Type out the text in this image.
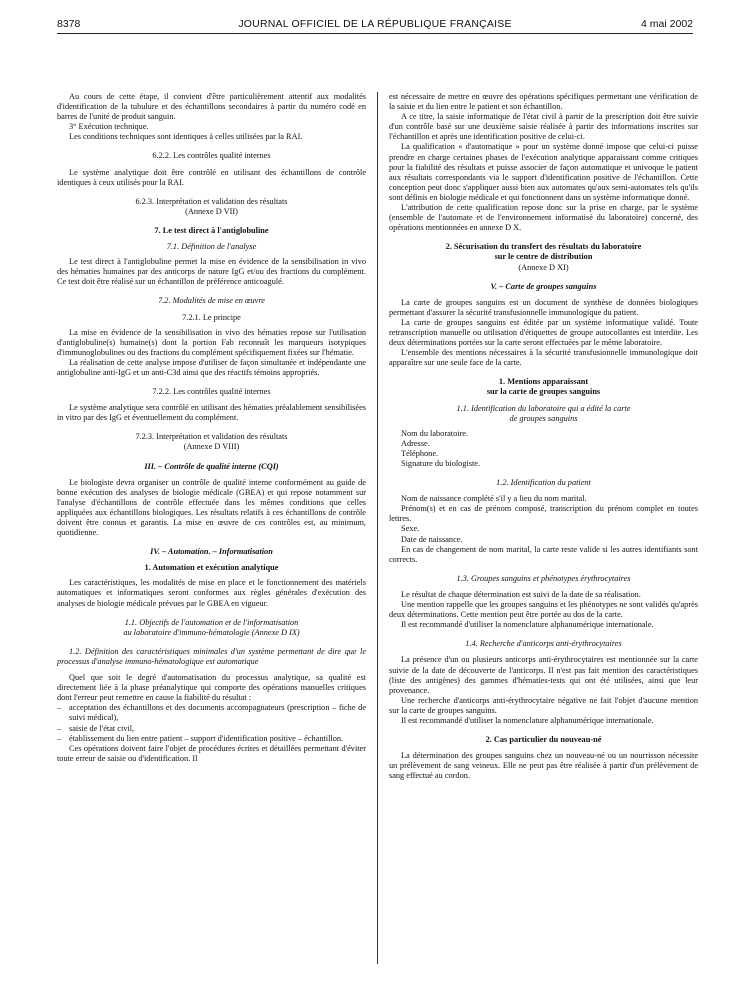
8378	JOURNAL OFFICIEL DE LA RÉPUBLIQUE FRANÇAISE	4 mai 2002

Au cours de cette étape, il convient d'être particulièrement attentif aux modalités d'identification de la tubulure et des échantillons secondaires à partir du numéro codé en barres de l'unité de produit sanguin.

3° Exécution technique.

Les conditions techniques sont identiques à celles utilisées par la RAI.

6.2.2. Les contrôles qualité internes

Le système analytique doit être contrôlé en utilisant des échantillons de contrôle identiques à ceux utilisés pour la RAI.

6.2.3. Interprétation et validation des résultats

(Annexe D VII)

7. Le test direct à l'antiglobuline

7.1. Définition de l'analyse

Le test direct à l'antiglobuline permet la mise en évidence de la sensibilisation in vivo des hématies humaines par des anticorps de nature IgG et/ou des fractions du complément. Ce test doit être réalisé sur un échantillon de préférence anticoagulé.

7.2. Modalités de mise en œuvre

7.2.1. Le principe

La mise en évidence de la sensibilisation in vivo des hématies repose sur l'utilisation d'antiglobuline(s) humaine(s) dont la portion Fab reconnaît les marqueurs isotypiques d'immunoglobulines ou des fractions du complément spécifiquement fixées sur l'hématie.

La réalisation de cette analyse impose d'utiliser de façon simultanée et indépendante une antiglobuline anti-IgG et un anti-C3d ainsi que des réactifs témoins appropriés.

7.2.2. Les contrôles qualité internes

Le système analytique sera contrôlé en utilisant des hématies préalablement sensibilisées in vitro par des IgG et éventuellement du complément.

7.2.3. Interprétation et validation des résultats

(Annexe D VIII)

III. – Contrôle de qualité interne (CQI)

Le biologiste devra organiser un contrôle de qualité interne conformément au guide de bonne exécution des analyses de biologie médicale (GBEA) et qui repose notamment sur l'analyse d'échantillons de contrôle effectuée dans les mêmes conditions que celles appliquées aux échantillons biologiques. Les résultats relatifs à ces échantillons de contrôle doivent être connus et garantis. La mise en œuvre de ces contrôles est, au minimum, quotidienne.

IV. – Automation. – Informatisation

1. Automation et exécution analytique

Les caractéristiques, les modalités de mise en place et le fonctionnement des matériels automatiques et informatiques seront conformes aux règles générales d'exécution des analyses de biologie médicale prévues par le GBEA en vigueur.

1.1. Objectifs de l'automation et de l'informatisation

au laboratoire d'immuno-hématologie (Annexe D IX)

1.2. Définition des caractéristiques minimales d'un système permettant de dire que le processus d'analyse immuno-hématologique est automatique

Quel que soit le degré d'automatisation du processus analytique, sa qualité est directement liée à la phase préanalytique qui comporte des opérations manuelles critiques dont l'erreur peut remettre en cause la fiabilité du résultat :

– acceptation des échantillons et des documents accompagnateurs (prescription – fiche de suivi médical),
– saisie de l'état civil,
– établissement du lien entre patient – support d'identification positive – échantillon.

Ces opérations doivent faire l'objet de procédures écrites et détaillées permettant d'éviter toute erreur de saisie ou d'identification. Il

est nécessaire de mettre en œuvre des opérations spécifiques permettant une vérification de la saisie et du lien entre le patient et son échantillon.

A ce titre, la saisie informatique de l'état civil à partir de la prescription doit être suivie d'un contrôle basé sur une deuxième saisie réalisée à partir des informations inscrites sur l'échantillon et après une identification positive de celui-ci.

La qualification « d'automatique » pour un système donné impose que celui-ci puisse prendre en charge certaines phases de l'exécution analytique apparaissant comme critiques pour la fiabilité des résultats et puisse associer de façon automatique et univoque le patient aux résultats correspondants via le support d'identification positive de l'échantillon. Cette conception peut donc s'appliquer aussi bien aux automates qu'aux semi-automates tels qu'ils sont définis en biologie médicale et qui fonctionnent dans un système informatique donné.

L'attribution de cette qualification repose donc sur la prise en charge, par le système (ensemble de l'automate et de l'environnement informatisé du laboratoire) concerné, des opérations mentionnées en annexe D X.

2. Sécurisation du transfert des résultats du laboratoire

sur le centre de distribution

(Annexe D XI)

V. – Carte de groupes sanguins

La carte de groupes sanguins est un document de synthèse de données biologiques permettant d'assurer la sécurité transfusionnelle immunologique du patient.

La carte de groupes sanguins est éditée par un système informatique validé. Toute retranscription manuelle ou utilisation d'étiquettes de groupe autocollantes est interdite. Les deux déterminations portées sur la carte seront effectuées par le même laboratoire.

L'ensemble des mentions nécessaires à la sécurité transfusionnelle immunologique doit apparaître sur une seule face de la carte.

1. Mentions apparaissant

sur la carte de groupes sanguins

1.1. Identification du laboratoire qui a édité la carte

de groupes sanguins

Nom du laboratoire.
Adresse.
Téléphone.
Signature du biologiste.

1.2. Identification du patient

Nom de naissance complété s'il y a lieu du nom marital.

Prénom(s) et en cas de prénom composé, transcription du prénom complet en toutes lettres.

Sexe.

Date de naissance.

En cas de changement de nom marital, la carte reste valide si les autres identifiants sont corrects.

1.3. Groupes sanguins et phénotypes érythrocytaires

Le résultat de chaque détermination est suivi de la date de sa réalisation.

Une mention rappelle que les groupes sanguins et les phénotypes ne sont validés qu'après deux déterminations. Cette mention peut être portée au dos de la carte.

Il est recommandé d'utiliser la nomenclature alphanumérique internationale.

1.4. Recherche d'anticorps anti-érythrocytaires

La présence d'un ou plusieurs anticorps anti-érythrocytaires est mentionnée sur la carte suivie de la date de découverte de l'anticorps. Il n'est pas fait mention des caractéristiques (liste des antigènes) des gammes d'hématies-tests qui ont été utilisées, ainsi que leur provenance.

Une recherche d'anticorps anti-érythrocytaire négative ne fait l'objet d'aucune mention sur la carte de groupes sanguins.

Il est recommandé d'utiliser la nomenclature alphanumérique internationale.

2. Cas particulier du nouveau-né

La détermination des groupes sanguins chez un nouveau-né ou un nourrisson nécessite un prélèvement de sang veineux. Elle ne peut pas être réalisée à partir d'un prélèvement de sang effectué au cordon.
